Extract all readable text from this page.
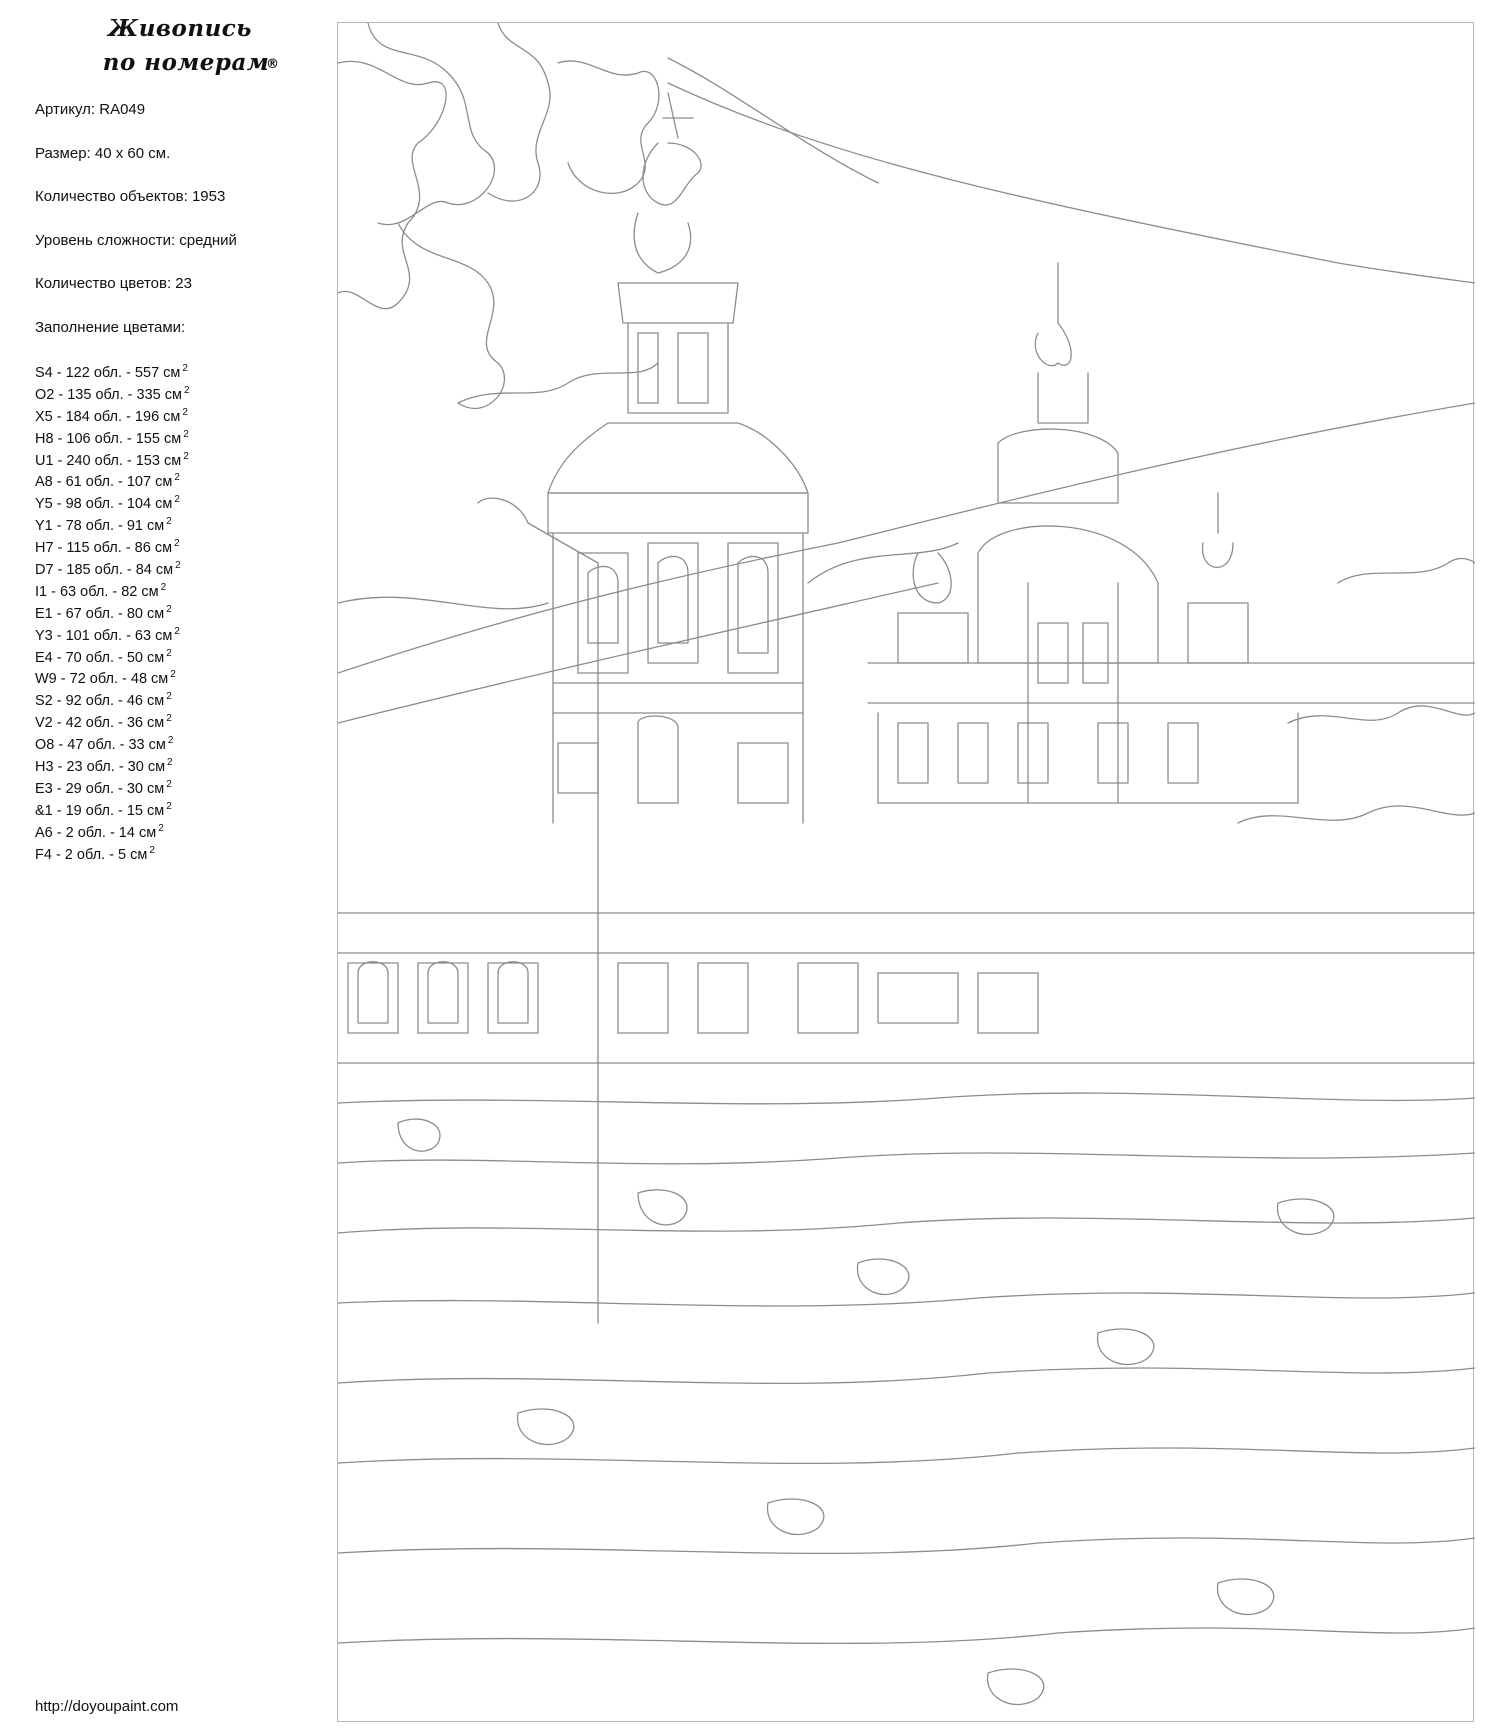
Живопись
по номерам
®
Артикул: RA049
Размер: 40 x 60 см.
Количество объектов: 1953
Уровень сложности: средний
Количество цветов: 23
Заполнение цветами:
S4 - 122 обл. - 557 см $^2$
O2 - 135 обл. - 335 см $^2$
X5 - 184 обл. - 196 см $^2$
H8 - 106 обл. - 155 см $^2$
U1 - 240 обл. - 153 см $^2$
A8 - 61 обл. - 107 см $^2$
Y5 - 98 обл. - 104 см $^2$
Y1 - 78 обл. - 91 см $^2$
H7 - 115 обл. - 86 см $^2$
D7 - 185 обл. - 84 см $^2$
I1 - 63 обл. - 82 см $^2$
E1 - 67 обл. - 80 см $^2$
Y3 - 101 обл. - 63 см $^2$
E4 - 70 обл. - 50 см $^2$
W9 - 72 обл. - 48 см $^2$
S2 - 92 обл. - 46 см $^2$
V2 - 42 обл. - 36 см $^2$
O8 - 47 обл. - 33 см $^2$
H3 - 23 обл. - 30 см $^2$
E3 - 29 обл. - 30 см $^2$
&1 - 19 обл. - 15 см $^2$
A6 - 2 обл. - 14 см $^2$
F4 - 2 обл. - 5 см $^2$
http://doyoupaint.com
